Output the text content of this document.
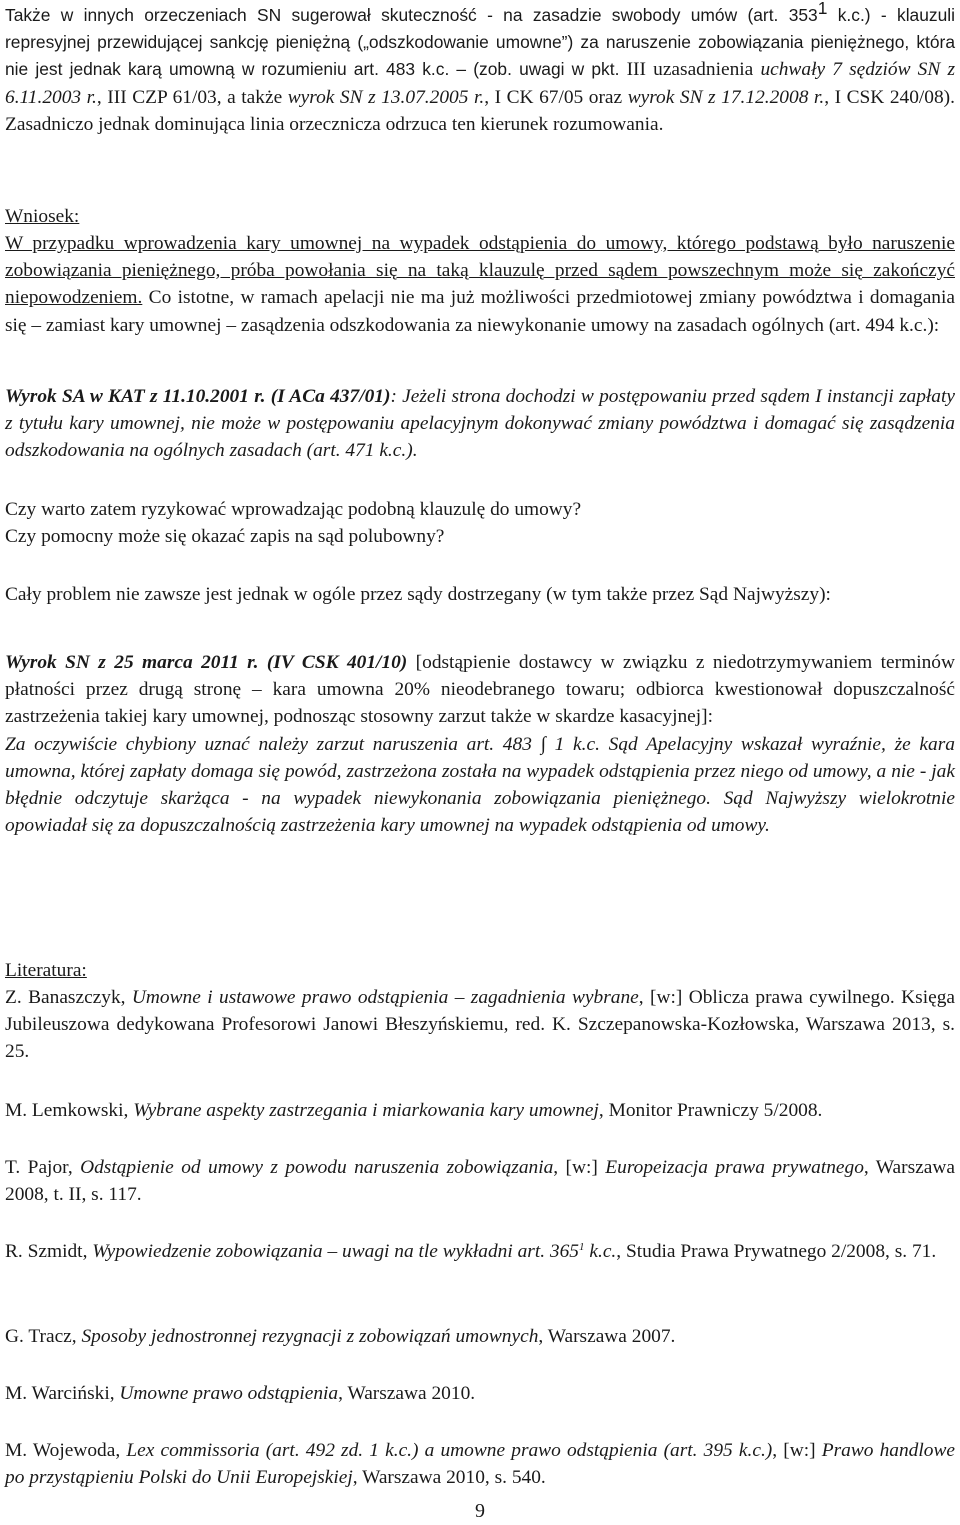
Także w innych orzeczeniach SN sugerował skuteczność - na zasadzie swobody umów (art. $353^1$ k.c.) - klauzuli represyjnej przewidującej sankcję pieniężną („odszkodowanie umowne”) za naruszenie zobowiązania pieniężnego, która nie jest jednak karą umowną w rozumieniu art. 483 k.c. – (zob. uwagi w pkt. III uzasadnienia uchwały 7 sędziów SN z 6.11.2003 r., III CZP 61/03, a także wyrok SN z 13.07.2005 r., I CK 67/05 oraz wyrok SN z 17.12.2008 r., I CSK 240/08). Zasadniczo jednak dominująca linia orzecznicza odrzuca ten kierunek rozumowania.

Wniosek:

W przypadku wprowadzenia kary umownej na wypadek odstąpienia do umowy, którego podstawą było naruszenie zobowiązania pieniężnego, próba powołania się na taką klauzulę przed sądem powszechnym może się zakończyć niepowodzeniem. Co istotne, w ramach apelacji nie ma już możliwości przedmiotowej zmiany powództwa i domagania się – zamiast kary umownej – zasądzenia odszkodowania za niewykonanie umowy na zasadach ogólnych (art. 494 k.c.):

Wyrok SA w KAT z 11.10.2001 r. (I ACa 437/01): Jeżeli strona dochodzi w postępowaniu przed sądem I instancji zapłaty z tytułu kary umownej, nie może w postępowaniu apelacyjnym dokonywać zmiany powództwa i domagać się zasądzenia odszkodowania na ogólnych zasadach (art. 471 k.c.).

Czy warto zatem ryzykować wprowadzając podobną klauzulę do umowy?

Czy pomocny może się okazać zapis na sąd polubowny?

Cały problem nie zawsze jest jednak w ogóle przez sądy dostrzegany (w tym także przez Sąd Najwyższy):

Wyrok SN z 25 marca 2011 r. (IV CSK 401/10) [odstąpienie dostawcy w związku z niedotrzymywaniem terminów płatności przez drugą stronę – kara umowna 20% nieodebranego towaru; odbiorca kwestionował dopuszczalność zastrzeżenia takiej kary umownej, podnosząc stosowny zarzut także w skardze kasacyjnej]:
Za oczywiście chybiony uznać należy zarzut naruszenia art. 483 ∫ 1 k.c. Sąd Apelacyjny wskazał wyraźnie, że kara umowna, której zapłaty domaga się powód, zastrzeżona została na wypadek odstąpienia przez niego od umowy, a nie - jak błędnie odczytuje skarżąca - na wypadek niewykonania zobowiązania pieniężnego. Sąd Najwyższy wielokrotnie opowiadał się za dopuszczalnością zastrzeżenia kary umownej na wypadek odstąpienia od umowy.

Literatura:

Z. Banaszczyk, Umowne i ustawowe prawo odstąpienia – zagadnienia wybrane, [w:] Oblicza prawa cywilnego. Księga Jubileuszowa dedykowana Profesorowi Janowi Błeszyńskiemu, red. K. Szczepanowska-Kozłowska, Warszawa 2013, s. 25.

M. Lemkowski, Wybrane aspekty zastrzegania i miarkowania kary umownej, Monitor Prawniczy 5/2008.

T. Pajor, Odstąpienie od umowy z powodu naruszenia zobowiązania, [w:] Europeizacja prawa prywatnego, Warszawa 2008, t. II, s. 117.

R. Szmidt, Wypowiedzenie zobowiązania – uwagi na tle wykładni art. $365^1$ k.c., Studia Prawa Prywatnego 2/2008, s. 71.

G. Tracz, Sposoby jednostronnej rezygnacji z zobowiązań umownych, Warszawa 2007.

M. Warciński, Umowne prawo odstąpienia, Warszawa 2010.

M. Wojewoda, Lex commissoria (art. 492 zd. 1 k.c.) a umowne prawo odstąpienia (art. 395 k.c.), [w:] Prawo handlowe po przystąpieniu Polski do Unii Europejskiej, Warszawa 2010, s. 540.

9
